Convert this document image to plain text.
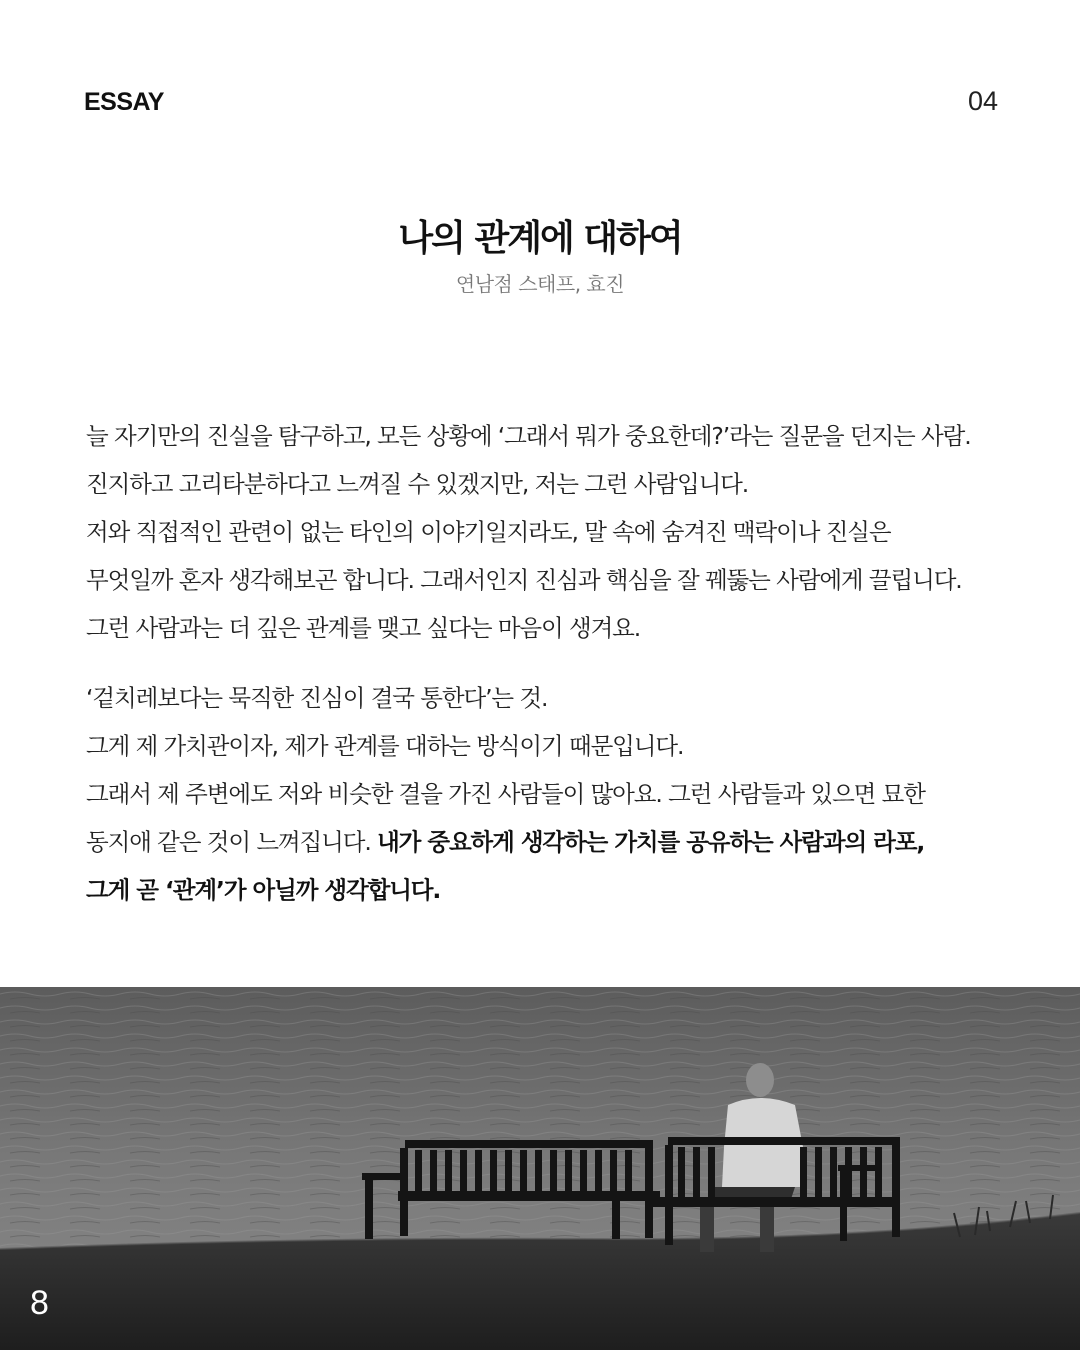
ESSAY	04
나의 관계에 대하여
연남점 스태프, 효진
늘 자기만의 진실을 탐구하고, 모든 상황에 ‘그래서 뭐가 중요한데?’라는 질문을 던지는 사람.
진지하고 고리타분하다고 느껴질 수 있겠지만, 저는 그런 사람입니다.
저와 직접적인 관련이 없는 타인의 이야기일지라도, 말 속에 숨겨진 맥락이나 진실은
무엇일까 혼자 생각해보곤 합니다. 그래서인지 진심과 핵심을 잘 꿰뚫는 사람에게 끌립니다.
그런 사람과는 더 깊은 관계를 맺고 싶다는 마음이 생겨요.
‘겉치레보다는 묵직한 진심이 결국 통한다’는 것.
그게 제 가치관이자, 제가 관계를 대하는 방식이기 때문입니다.
그래서 제 주변에도 저와 비슷한 결을 가진 사람들이 많아요. 그런 사람들과 있으면 묘한
동지애 같은 것이 느껴집니다. 내가 중요하게 생각하는 가치를 공유하는 사람과의 라포,
그게 곧 ‘관계’가 아닐까 생각합니다.
8
